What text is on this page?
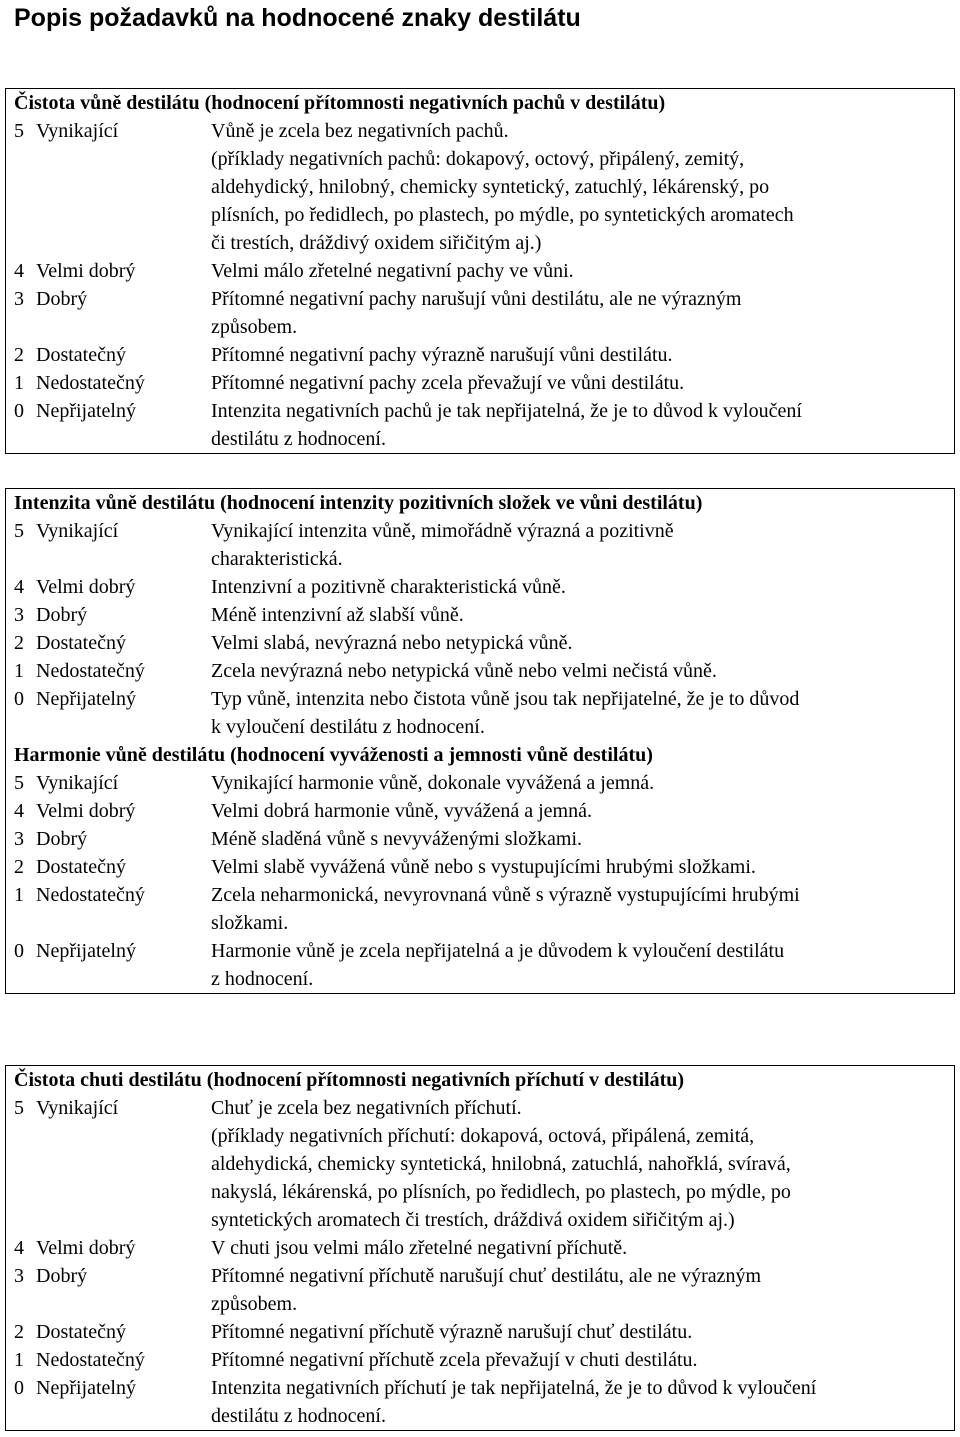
Popis požadavků na hodnocené znaky destilátu
Čistota vůně destilátu (hodnocení přítomnosti negativních pachů v destilátu)
5 Vynikající	Vůně je zcela bez negativních pachů.
(příklady negativních pachů: dokapový, octový, připálený, zemitý,
aldehydický, hnilobný, chemicky syntetický, zatuchlý, lékárenský, po
plísních, po ředidlech, po plastech, po mýdle, po syntetických aromatech
či trestích, dráždivý oxidem siřičitým aj.)
4 Velmi dobrý	Velmi málo zřetelné negativní pachy ve vůni.
3 Dobrý	Přítomné negativní pachy narušují vůni destilátu, ale ne výrazným
způsobem.
2 Dostatečný	Přítomné negativní pachy výrazně narušují vůni destilátu.
1 Nedostatečný	Přítomné negativní pachy zcela převažují ve vůni destilátu.
0 Nepřijatelný	Intenzita negativních pachů je tak nepřijatelná, že je to důvod k vyloučení
destilátu z hodnocení.
Intenzita vůně destilátu (hodnocení intenzity pozitivních složek ve vůni destilátu)
5 Vynikající	Vynikající intenzita vůně, mimořádně výrazná a pozitivně
charakteristická.
4 Velmi dobrý	Intenzivní a pozitivně charakteristická vůně.
3 Dobrý	Méně intenzivní až slabší vůně.
2 Dostatečný	Velmi slabá, nevýrazná nebo netypická vůně.
1 Nedostatečný	Zcela nevýrazná nebo netypická vůně nebo velmi nečistá vůně.
0 Nepřijatelný	Typ vůně, intenzita nebo čistota vůně jsou tak nepřijatelné, že je to důvod
k vyloučení destilátu z hodnocení.
Harmonie vůně destilátu (hodnocení vyváženosti a jemnosti vůně destilátu)
5 Vynikající	Vynikající harmonie vůně, dokonale vyvážená a jemná.
4 Velmi dobrý	Velmi dobrá harmonie vůně, vyvážená a jemná.
3 Dobrý	Méně sladěná vůně s nevyváženými složkami.
2 Dostatečný	Velmi slabě vyvážená vůně nebo s vystupujícími hrubými složkami.
1 Nedostatečný	Zcela neharmonická, nevyrovnaná vůně s výrazně vystupujícími hrubými
složkami.
0 Nepřijatelný	Harmonie vůně je zcela nepřijatelná a je důvodem k vyloučení destilátu
z hodnocení.
Čistota chuti destilátu (hodnocení přítomnosti negativních příchutí v destilátu)
5 Vynikající	Chuť je zcela bez negativních příchutí.
(příklady negativních příchutí: dokapová, octová, připálená, zemitá,
aldehydická, chemicky syntetická, hnilobná, zatuchlá, nahořklá, svíravá,
nakyslá, lékárenská, po plísních, po ředidlech, po plastech, po mýdle, po
syntetických aromatech či trestích, dráždivá oxidem siřičitým aj.)
4 Velmi dobrý	V chuti jsou velmi málo zřetelné negativní příchutě.
3 Dobrý	Přítomné negativní příchutě narušují chuť destilátu, ale ne výrazným
způsobem.
2 Dostatečný	Přítomné negativní příchutě výrazně narušují chuť destilátu.
1 Nedostatečný	Přítomné negativní příchutě zcela převažují v chuti destilátu.
0 Nepřijatelný	Intenzita negativních příchutí je tak nepřijatelná, že je to důvod k vyloučení
destilátu z hodnocení.
